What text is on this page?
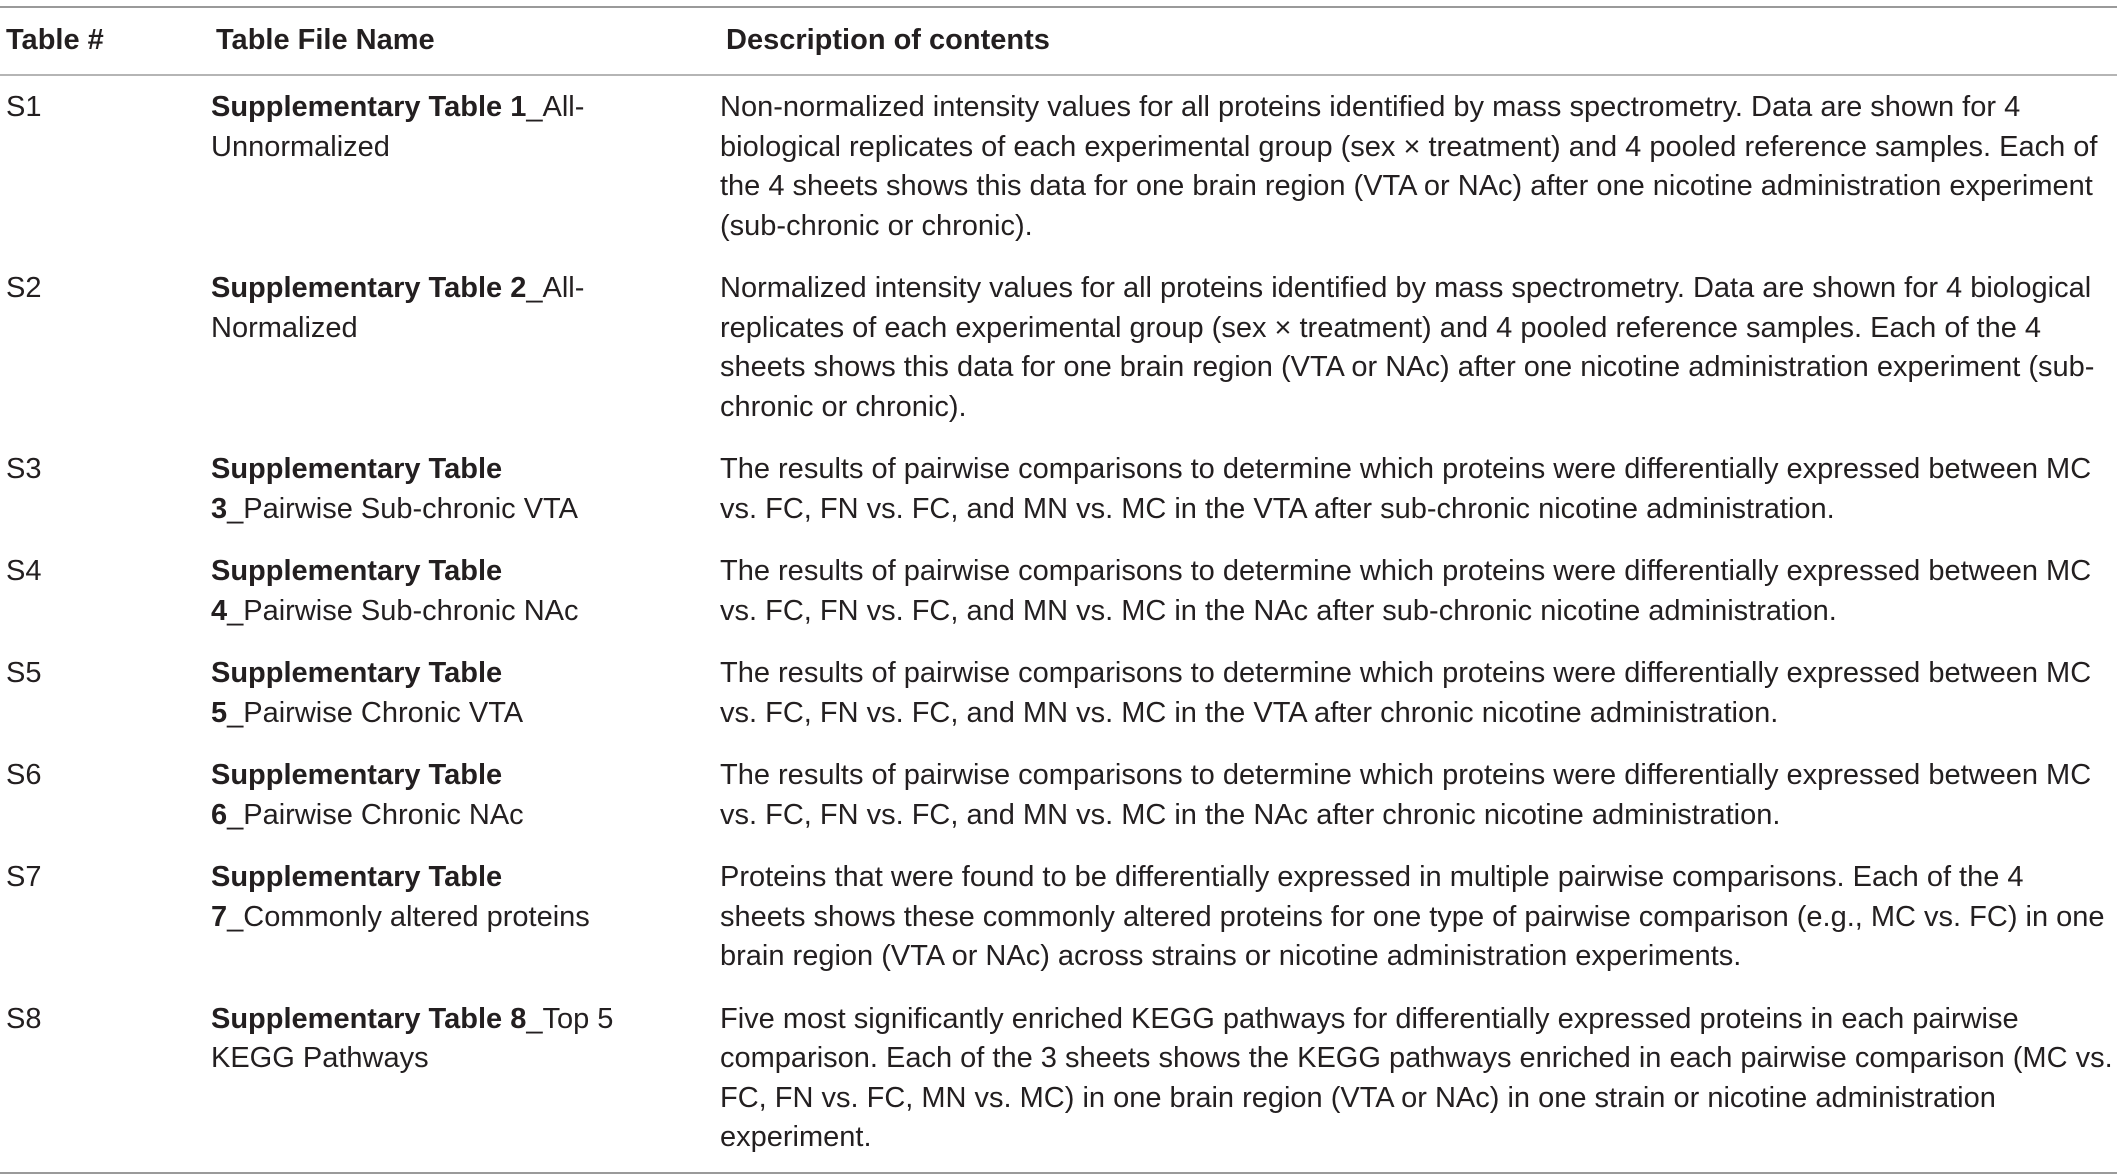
Table #	Table File Name	Description of contents
S1	Supplementary Table 1_All-Unnormalized	Non-normalized intensity values for all proteins identified by mass spectrometry. Data are shown for 4 biological replicates of each experimental group (sex × treatment) and 4 pooled reference samples. Each of the 4 sheets shows this data for one brain region (VTA or NAc) after one nicotine administration experiment (sub-chronic or chronic).
S2	Supplementary Table 2_All-Normalized	Normalized intensity values for all proteins identified by mass spectrometry. Data are shown for 4 biological replicates of each experimental group (sex × treatment) and 4 pooled reference samples. Each of the 4 sheets shows this data for one brain region (VTA or NAc) after one nicotine administration experiment (sub-chronic or chronic).
S3	Supplementary Table 3_Pairwise Sub-chronic VTA	The results of pairwise comparisons to determine which proteins were differentially expressed between MC vs. FC, FN vs. FC, and MN vs. MC in the VTA after sub-chronic nicotine administration.
S4	Supplementary Table 4_Pairwise Sub-chronic NAc	The results of pairwise comparisons to determine which proteins were differentially expressed between MC vs. FC, FN vs. FC, and MN vs. MC in the NAc after sub-chronic nicotine administration.
S5	Supplementary Table 5_Pairwise Chronic VTA	The results of pairwise comparisons to determine which proteins were differentially expressed between MC vs. FC, FN vs. FC, and MN vs. MC in the VTA after chronic nicotine administration.
S6	Supplementary Table 6_Pairwise Chronic NAc	The results of pairwise comparisons to determine which proteins were differentially expressed between MC vs. FC, FN vs. FC, and MN vs. MC in the NAc after chronic nicotine administration.
S7	Supplementary Table 7_Commonly altered proteins	Proteins that were found to be differentially expressed in multiple pairwise comparisons. Each of the 4 sheets shows these commonly altered proteins for one type of pairwise comparison (e.g., MC vs. FC) in one brain region (VTA or NAc) across strains or nicotine administration experiments.
S8	Supplementary Table 8_Top 5 KEGG Pathways	Five most significantly enriched KEGG pathways for differentially expressed proteins in each pairwise comparison. Each of the 3 sheets shows the KEGG pathways enriched in each pairwise comparison (MC vs. FC, FN vs. FC, MN vs. MC) in one brain region (VTA or NAc) in one strain or nicotine administration experiment.
